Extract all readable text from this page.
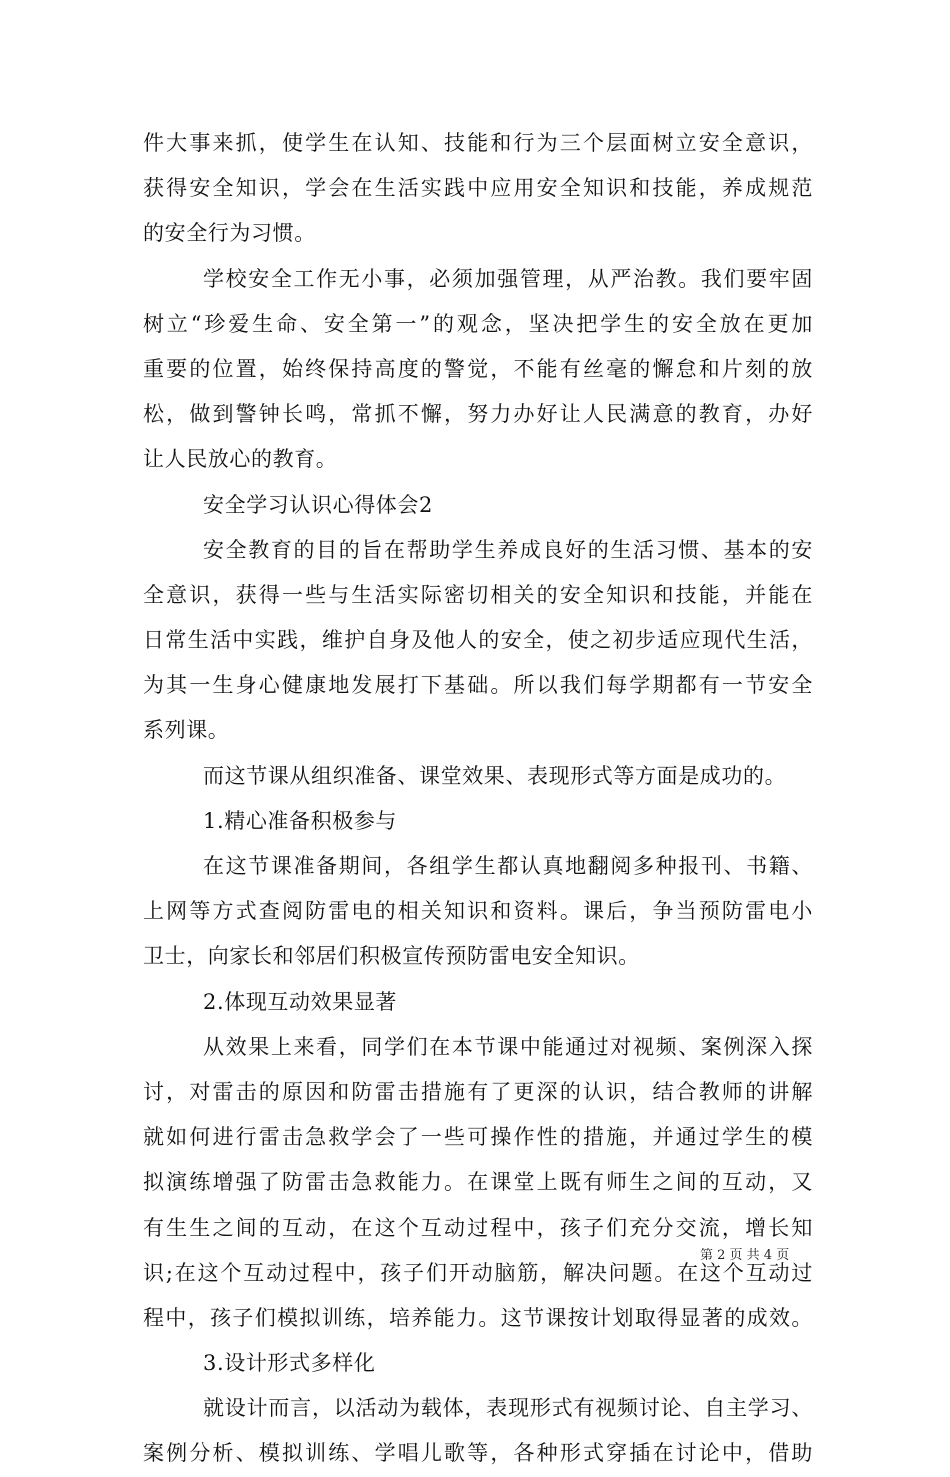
件大事来抓，使学生在认知、技能和行为三个层面树立安全意识，
获得安全知识，学会在生活实践中应用安全知识和技能，养成规范
的安全行为习惯。
学校安全工作无小事，必须加强管理，从严治教。我们要牢固
树立“珍爱生命、安全第一”的观念，坚决把学生的安全放在更加
重要的位置，始终保持高度的警觉，不能有丝毫的懈怠和片刻的放
松，做到警钟长鸣，常抓不懈，努力办好让人民满意的教育，办好
让人民放心的教育。
安全学习认识心得体会2
安全教育的目的旨在帮助学生养成良好的生活习惯、基本的安
全意识，获得一些与生活实际密切相关的安全知识和技能，并能在
日常生活中实践，维护自身及他人的安全，使之初步适应现代生活，
为其一生身心健康地发展打下基础。所以我们每学期都有一节安全
系列课。
而这节课从组织准备、课堂效果、表现形式等方面是成功的。
1.精心准备积极参与
在这节课准备期间，各组学生都认真地翻阅多种报刊、书籍、
上网等方式查阅防雷电的相关知识和资料。课后，争当预防雷电小
卫士，向家长和邻居们积极宣传预防雷电安全知识。
2.体现互动效果显著
从效果上来看，同学们在本节课中能通过对视频、案例深入探
讨，对雷击的原因和防雷击措施有了更深的认识，结合教师的讲解
就如何进行雷击急救学会了一些可操作性的措施，并通过学生的模
拟演练增强了防雷击急救能力。在课堂上既有师生之间的互动，又
有生生之间的互动，在这个互动过程中，孩子们充分交流，增长知
识;在这个互动过程中，孩子们开动脑筋，解决问题。在这个互动过
程中，孩子们模拟训练，培养能力。这节课按计划取得显著的成效。
3.设计形式多样化
就设计而言，以活动为载体，表现形式有视频讨论、自主学习、
案例分析、模拟训练、学唱儿歌等，各种形式穿插在讨论中，借助
第 2 页 共 4 页
